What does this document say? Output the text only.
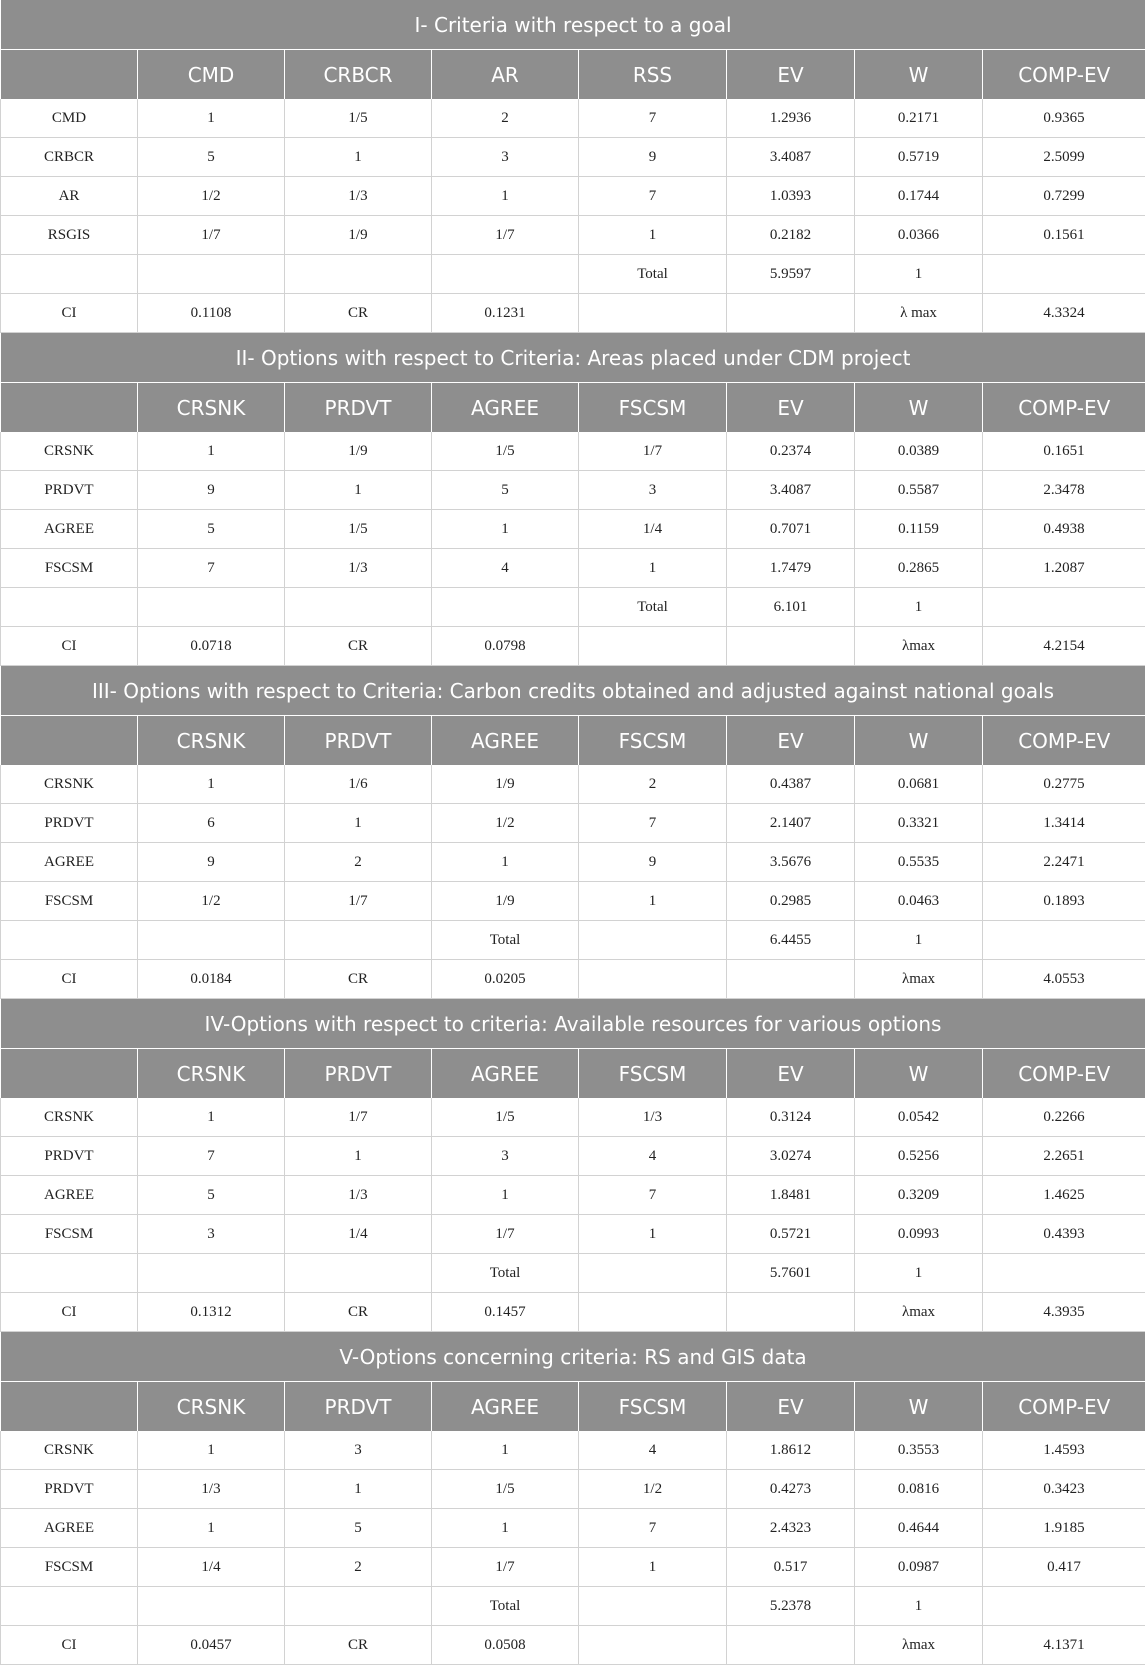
I- Criteria with respect to a goal							
	CMD	CRBCR	AR	RSS	EV	W	COMP-EV
CMD	1	1/5	2	7	1.2936	0.2171	0.9365
CRBCR	5	1	3	9	3.4087	0.5719	2.5099
AR	1/2	1/3	1	7	1.0393	0.1744	0.7299
RSGIS	1/7	1/9	1/7	1	0.2182	0.0366	0.1561
				Total	5.9597	1	
CI	0.1108	CR	0.1231			λ max	4.3324
II- Options with respect to Criteria: Areas placed under CDM project							
	CRSNK	PRDVT	AGREE	FSCSM	EV	W	COMP-EV
CRSNK	1	1/9	1/5	1/7	0.2374	0.0389	0.1651
PRDVT	9	1	5	3	3.4087	0.5587	2.3478
AGREE	5	1/5	1	1/4	0.7071	0.1159	0.4938
FSCSM	7	1/3	4	1	1.7479	0.2865	1.2087
				Total	6.101	1	
CI	0.0718	CR	0.0798			λmax	4.2154
III- Options with respect to Criteria: Carbon credits obtained and adjusted against national goals							
	CRSNK	PRDVT	AGREE	FSCSM	EV	W	COMP-EV
CRSNK	1	1/6	1/9	2	0.4387	0.0681	0.2775
PRDVT	6	1	1/2	7	2.1407	0.3321	1.3414
AGREE	9	2	1	9	3.5676	0.5535	2.2471
FSCSM	1/2	1/7	1/9	1	0.2985	0.0463	0.1893
			Total		6.4455	1	
CI	0.0184	CR	0.0205			λmax	4.0553
IV-Options with respect to criteria: Available resources for various options							
	CRSNK	PRDVT	AGREE	FSCSM	EV	W	COMP-EV
CRSNK	1	1/7	1/5	1/3	0.3124	0.0542	0.2266
PRDVT	7	1	3	4	3.0274	0.5256	2.2651
AGREE	5	1/3	1	7	1.8481	0.3209	1.4625
FSCSM	3	1/4	1/7	1	0.5721	0.0993	0.4393
			Total		5.7601	1	
CI	0.1312	CR	0.1457			λmax	4.3935
V-Options concerning criteria: RS and GIS data							
	CRSNK	PRDVT	AGREE	FSCSM	EV	W	COMP-EV
CRSNK	1	3	1	4	1.8612	0.3553	1.4593
PRDVT	1/3	1	1/5	1/2	0.4273	0.0816	0.3423
AGREE	1	5	1	7	2.4323	0.4644	1.9185
FSCSM	1/4	2	1/7	1	0.517	0.0987	0.417
			Total		5.2378	1	
CI	0.0457	CR	0.0508			λmax	4.1371
